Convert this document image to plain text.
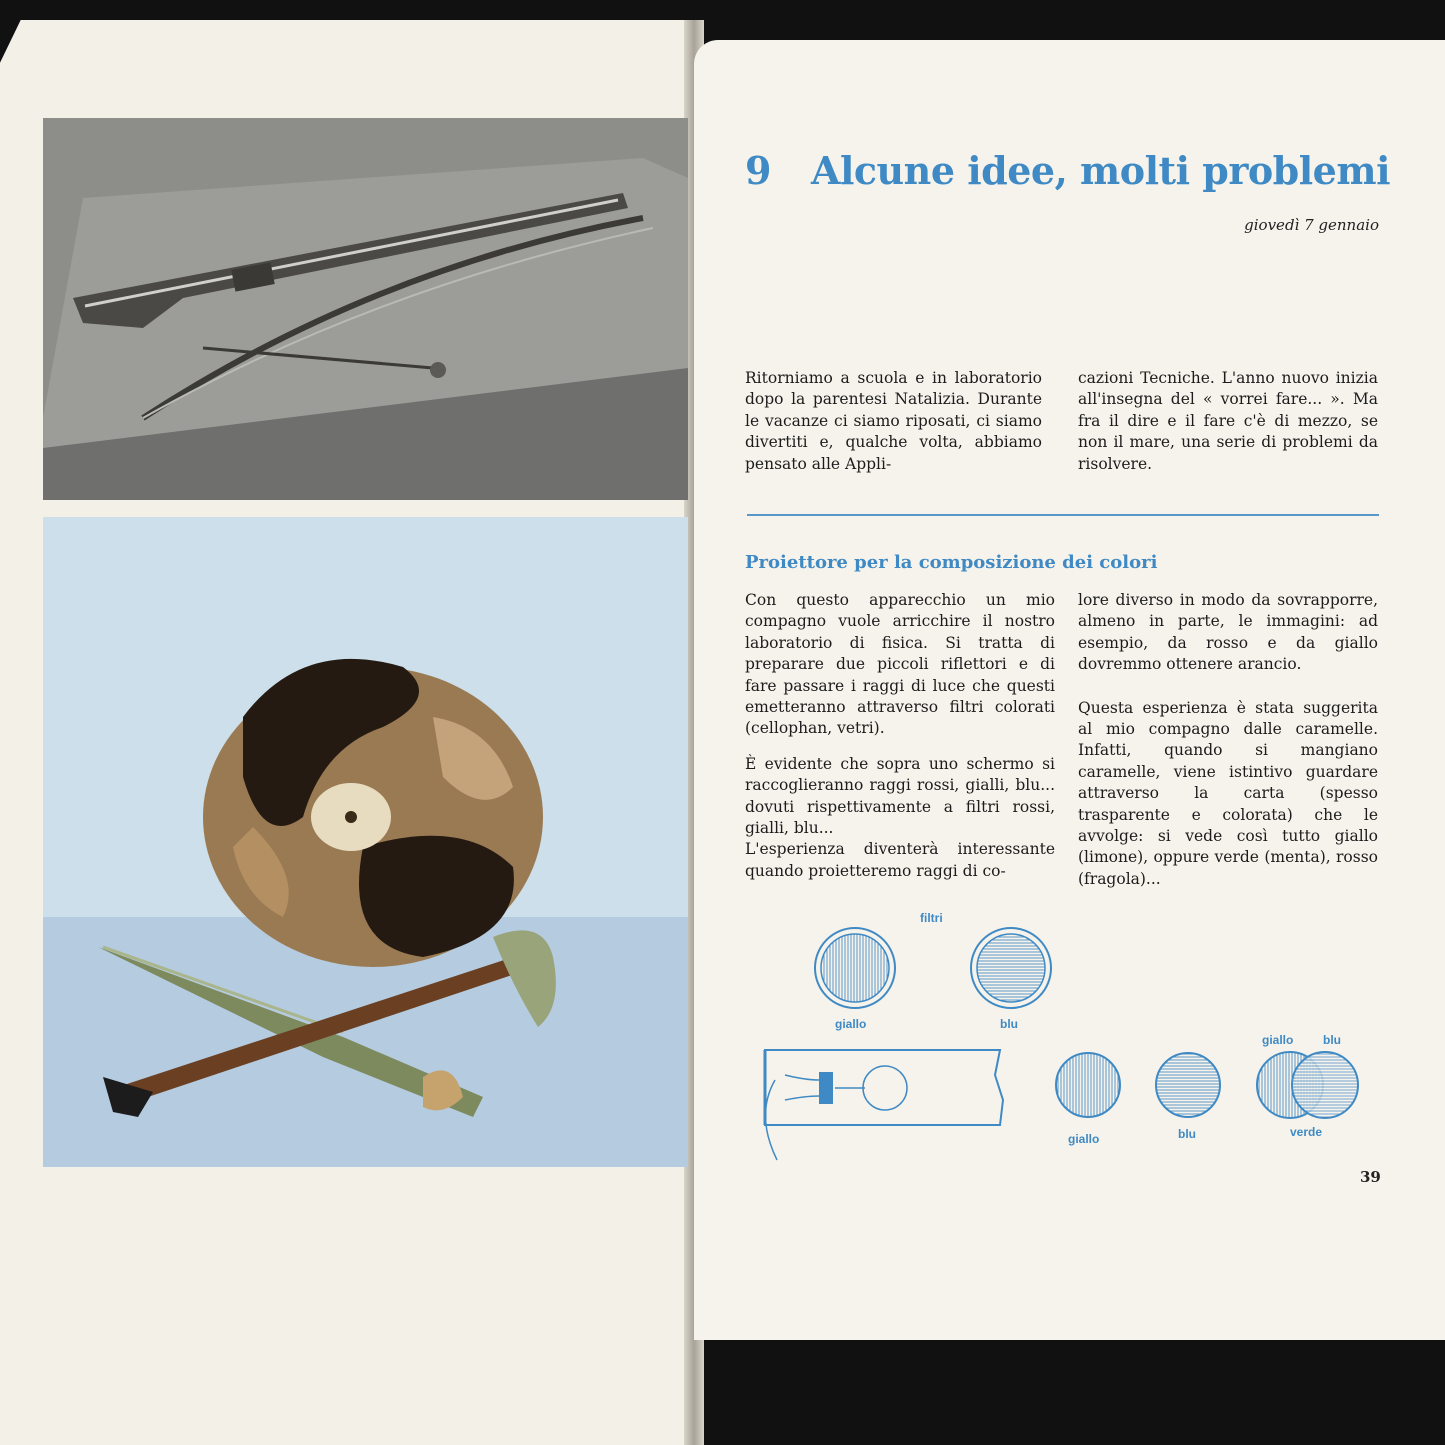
9 Alcune idee, molti problemi
giovedì 7 gennaio
Ritorniamo a scuola e in laboratorio dopo la parentesi Natalizia. Durante le vacanze ci siamo riposati, ci siamo divertiti e, qualche volta, abbiamo pensato alle Appli-
cazioni Tecniche. L'anno nuovo inizia all'insegna del « vorrei fare... ». Ma fra il dire e il fare c'è di mezzo, se non il mare, una serie di problemi da risolvere.
Proiettore per la composizione dei colori

Con questo apparecchio un mio compagno vuole arricchire il nostro laboratorio di fisica. Si tratta di preparare due piccoli riflettori e di fare passare i raggi di luce che questi emetteranno attraverso filtri colorati (cellophan, vetri).

È evidente che sopra uno schermo si raccoglieranno raggi rossi, gialli, blu... dovuti rispettivamente a filtri rossi, gialli, blu...

L'esperienza diventerà interessante quando proietteremo raggi di co-

lore diverso in modo da sovrapporre, almeno in parte, le immagini: ad esempio, da rosso e da giallo dovremmo ottenere arancio.

Questa esperienza è stata suggerita al mio compagno dalle caramelle. Infatti, quando si mangiano caramelle, viene istintivo guardare attraverso la carta (spesso trasparente e colorata) che le avvolge: si vede così tutto giallo (limone), oppure verde (menta), rosso (fragola)...

filtri
giallo	blu
giallo	blu
giallo blu
verde
39
